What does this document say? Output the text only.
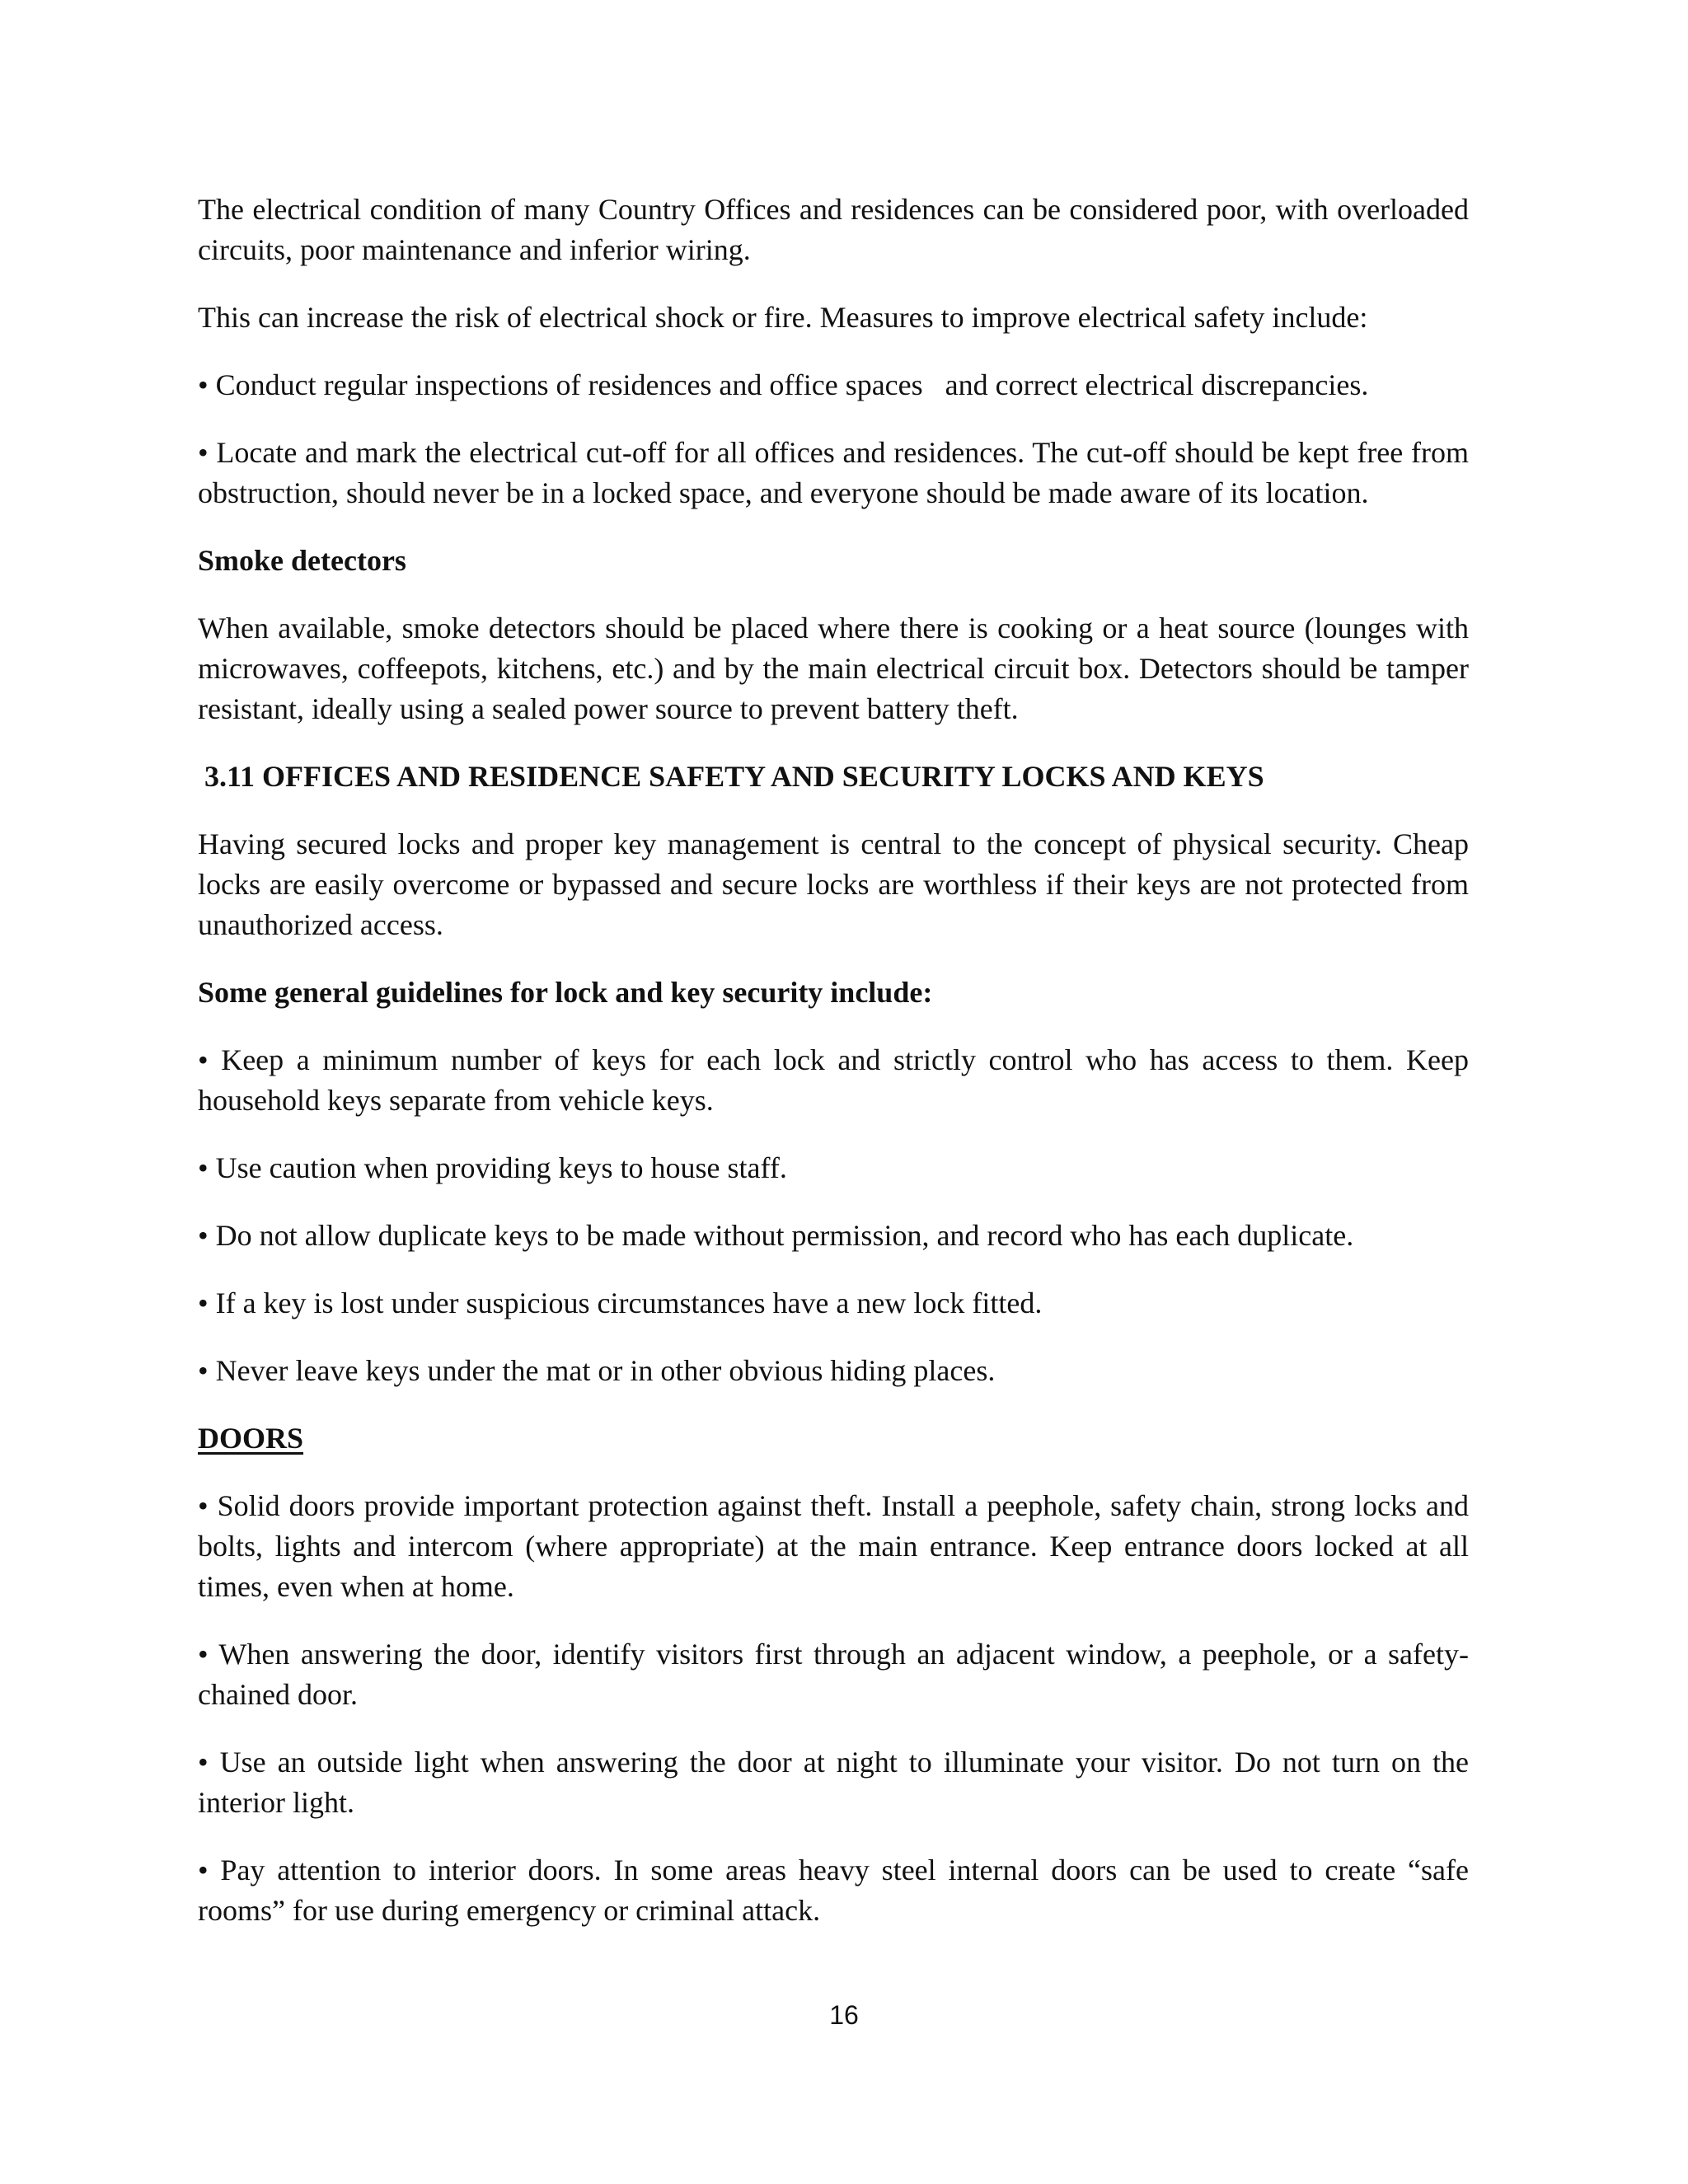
The electrical condition of many Country Offices and residences can be considered poor, with overloaded circuits, poor maintenance and inferior wiring.

This can increase the risk of electrical shock or fire. Measures to improve electrical safety include:

• Conduct regular inspections of residences and office spaces   and correct electrical discrepancies.

• Locate and mark the electrical cut-off for all offices and residences. The cut-off should be kept free from obstruction, should never be in a locked space, and everyone should be made aware of its location.

Smoke detectors

When available, smoke detectors should be placed where there is cooking or a heat source (lounges with microwaves, coffeepots, kitchens, etc.) and by the main electrical circuit box. Detectors should be tamper resistant, ideally using a sealed power source to prevent battery theft.

3.11 OFFICES AND RESIDENCE SAFETY AND SECURITY LOCKS AND KEYS

Having secured locks and proper key management is central to the concept of physical security. Cheap locks are easily overcome or bypassed and secure locks are worthless if their keys are not protected from unauthorized access.

Some general guidelines for lock and key security include:

• Keep a minimum number of keys for each lock and strictly control who has access to them. Keep household keys separate from vehicle keys.

• Use caution when providing keys to house staff.

• Do not allow duplicate keys to be made without permission, and record who has each duplicate.

• If a key is lost under suspicious circumstances have a new lock fitted.

• Never leave keys under the mat or in other obvious hiding places.

DOORS

• Solid doors provide important protection against theft. Install a peephole, safety chain, strong locks and bolts, lights and intercom (where appropriate) at the main entrance. Keep entrance doors locked at all times, even when at home.

• When answering the door, identify visitors first through an adjacent window, a peephole, or a safety-chained door.

• Use an outside light when answering the door at night to illuminate your visitor. Do not turn on the interior light.

• Pay attention to interior doors. In some areas heavy steel internal doors can be used to create “safe rooms” for use during emergency or criminal attack.

16
